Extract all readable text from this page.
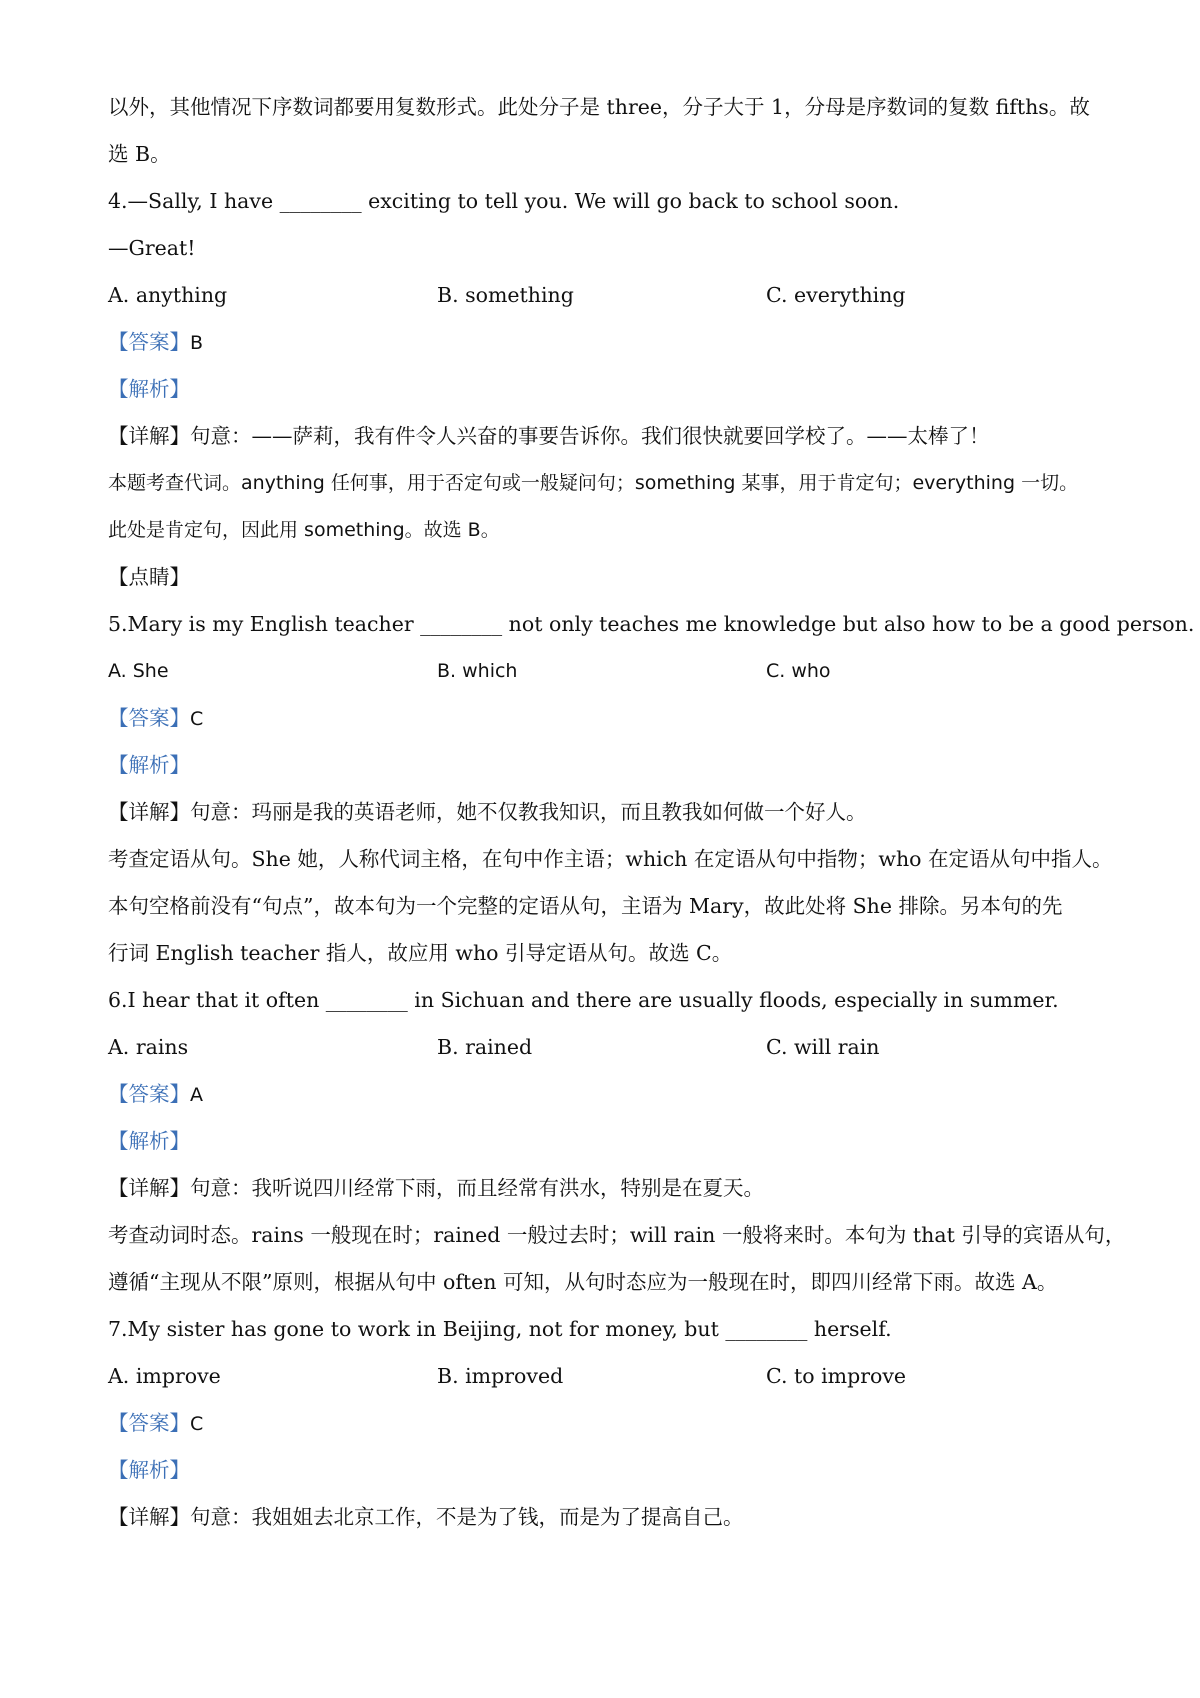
以外，其他情况下序数词都要用复数形式。此处分子是 three，分子大于 1，分母是序数词的复数 fifths。故
选 B。
4.—Sally, I have ________ exciting to tell you. We will go back to school soon.
—Great!
A. anything	B. something	C. everything
【答案】B
【解析】
【详解】句意：——萨莉，我有件令人兴奋的事要告诉你。我们很快就要回学校了。——太棒了！
本题考查代词。anything 任何事，用于否定句或一般疑问句；something 某事，用于肯定句；everything 一切。
此处是肯定句，因此用 something。故选 B。
【点睛】
5.Mary is my English teacher ________ not only teaches me knowledge but also how to be a good person.
A. She	B. which	C. who
【答案】C
【解析】
【详解】句意：玛丽是我的英语老师，她不仅教我知识，而且教我如何做一个好人。
考查定语从句。She 她，人称代词主格，在句中作主语；which 在定语从句中指物；who 在定语从句中指人。
本句空格前没有“句点”，故本句为一个完整的定语从句，主语为 Mary，故此处将 She 排除。另本句的先
行词 English teacher 指人，故应用 who 引导定语从句。故选 C。
6.I hear that it often ________ in Sichuan and there are usually floods, especially in summer.
A. rains	B. rained	C. will rain
【答案】A
【解析】
【详解】句意：我听说四川经常下雨，而且经常有洪水，特别是在夏天。
考查动词时态。rains 一般现在时；rained 一般过去时；will rain 一般将来时。本句为 that 引导的宾语从句，
遵循“主现从不限”原则，根据从句中 often 可知，从句时态应为一般现在时，即四川经常下雨。故选 A。
7.My sister has gone to work in Beijing, not for money, but ________ herself.
A. improve	B. improved	C. to improve
【答案】C
【解析】
【详解】句意：我姐姐去北京工作，不是为了钱，而是为了提高自己。
